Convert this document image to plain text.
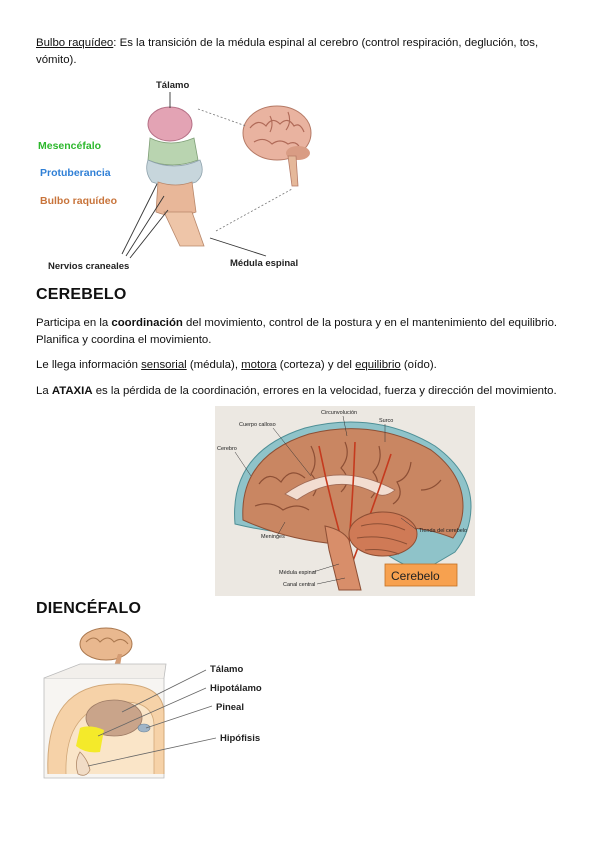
Bulbo raquídeo: Es la transición de la médula espinal al cerebro (control respiración, deglución, tos, vómito).

Tálamo
Mesencéfalo
Protuberancia
Bulbo raquídeo
Nervios craneales	Médula espinal
CEREBELO

Participa en la coordinación del movimiento, control de la postura y en el mantenimiento del equilibrio. Planifica y coordina el movimiento.

Le llega información sensorial (médula), motora (corteza) y del equilibrio (oído).

La ATAXIA es la pérdida de la coordinación, errores en la velocidad, fuerza y dirección del movimiento.

Cerebelo
Circunvolución
Surco
Cuerpo calloso
Cerebro
Tienda del cerebelo
Meninges
Médula espinal
Canal central
DIENCÉFALO
Tálamo
Hipotálamo
Pineal
Hipófisis
